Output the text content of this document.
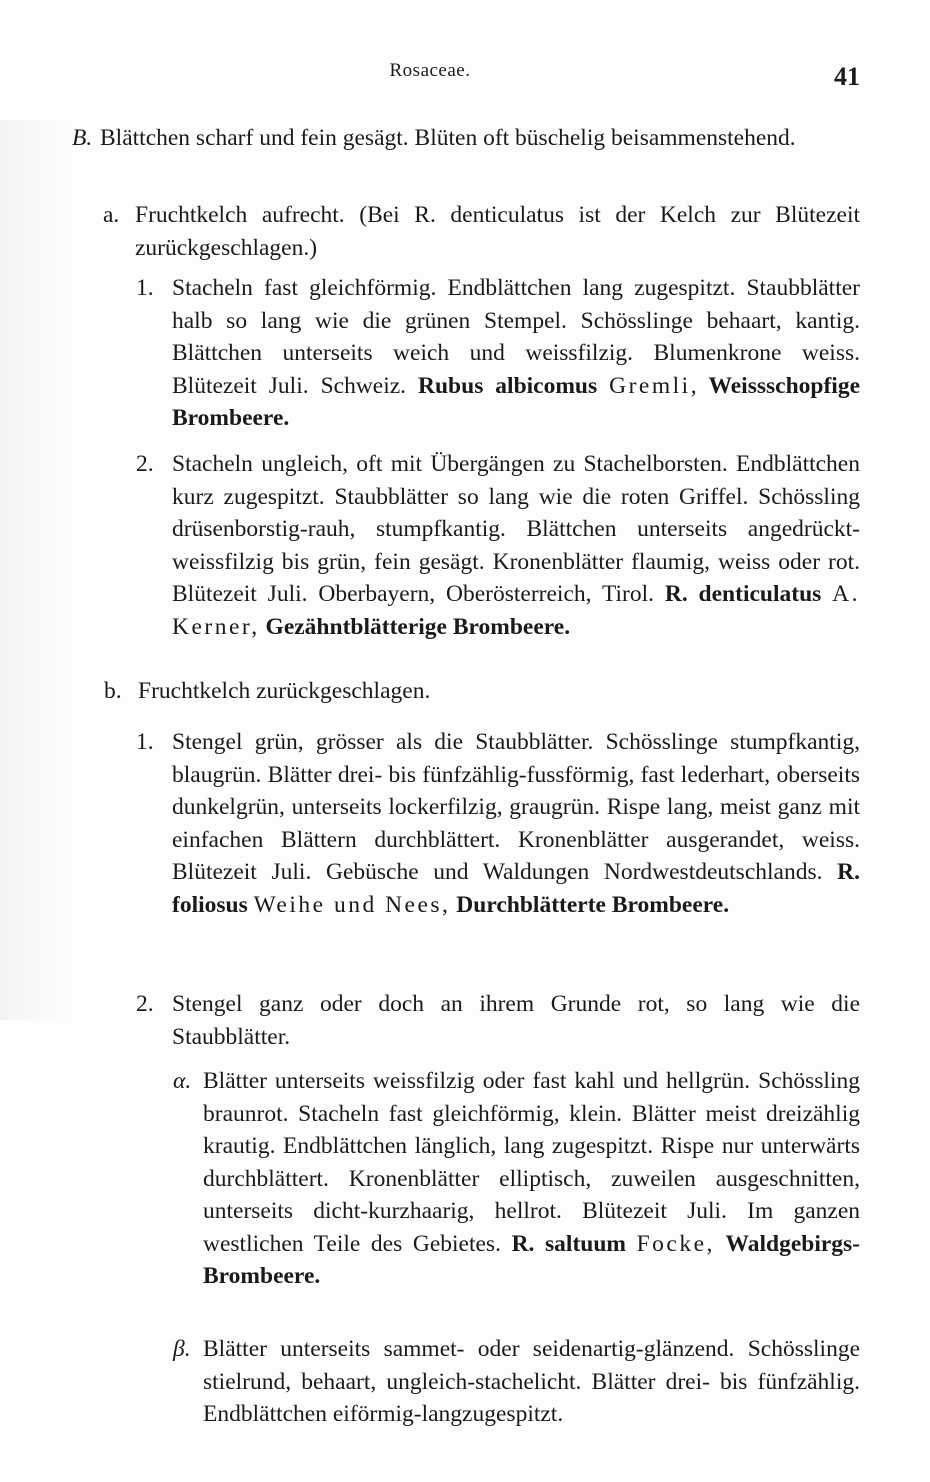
Rosaceae.	41
B. Blättchen scharf und fein gesägt. Blüten oft büschelig beisammenstehend.
a. Fruchtkelch aufrecht. (Bei R. denticulatus ist der Kelch zur Blütezeit zurückgeschlagen.)
1. Stacheln fast gleichförmig. Endblättchen lang zugespitzt. Staubblätter halb so lang wie die grünen Stempel. Schösslinge behaart, kantig. Blättchen unterseits weich und weissfilzig. Blumenkrone weiss. Blütezeit Juli. Schweiz. Rubus albicomus Gremli, Weissschopfige Brombeere.
2. Stacheln ungleich, oft mit Übergängen zu Stachelborsten. Endblättchen kurz zugespitzt. Staubblätter so lang wie die roten Griffel. Schössling drüsenborstig-rauh, stumpfkantig. Blättchen unterseits angedrückt-weissfilzig bis grün, fein gesägt. Kronenblätter flaumig, weiss oder rot. Blütezeit Juli. Oberbayern, Oberösterreich, Tirol. R. denticulatus A. Kerner, Gezähntblätterige Brombeere.
b. Fruchtkelch zurückgeschlagen.
1. Stengel grün, grösser als die Staubblätter. Schösslinge stumpfkantig, blaugrün. Blätter drei- bis fünfzählig-fussförmig, fast lederhart, oberseits dunkelgrün, unterseits lockerfilzig, graugrün. Rispe lang, meist ganz mit einfachen Blättern durchblättert. Kronenblätter ausgerandet, weiss. Blütezeit Juli. Gebüsche und Waldungen Nordwestdeutschlands. R. foliosus Weihe und Nees, Durchblätterte Brombeere.
2. Stengel ganz oder doch an ihrem Grunde rot, so lang wie die Staubblätter.
α. Blätter unterseits weissfilzig oder fast kahl und hellgrün. Schössling braunrot. Stacheln fast gleichförmig, klein. Blätter meist dreizählig krautig. Endblättchen länglich, lang zugespitzt. Rispe nur unterwärts durchblättert. Kronenblätter elliptisch, zuweilen ausgeschnitten, unterseits dicht-kurzhaarig, hellrot. Blütezeit Juli. Im ganzen westlichen Teile des Gebietes. R. saltuum Focke, Waldgebirgs-Brombeere.
β. Blätter unterseits sammet- oder seidenartig-glänzend. Schösslinge stielrund, behaart, ungleich-stachelicht. Blätter drei- bis fünfzählig. Endblättchen eiförmig-langzugespitzt.
